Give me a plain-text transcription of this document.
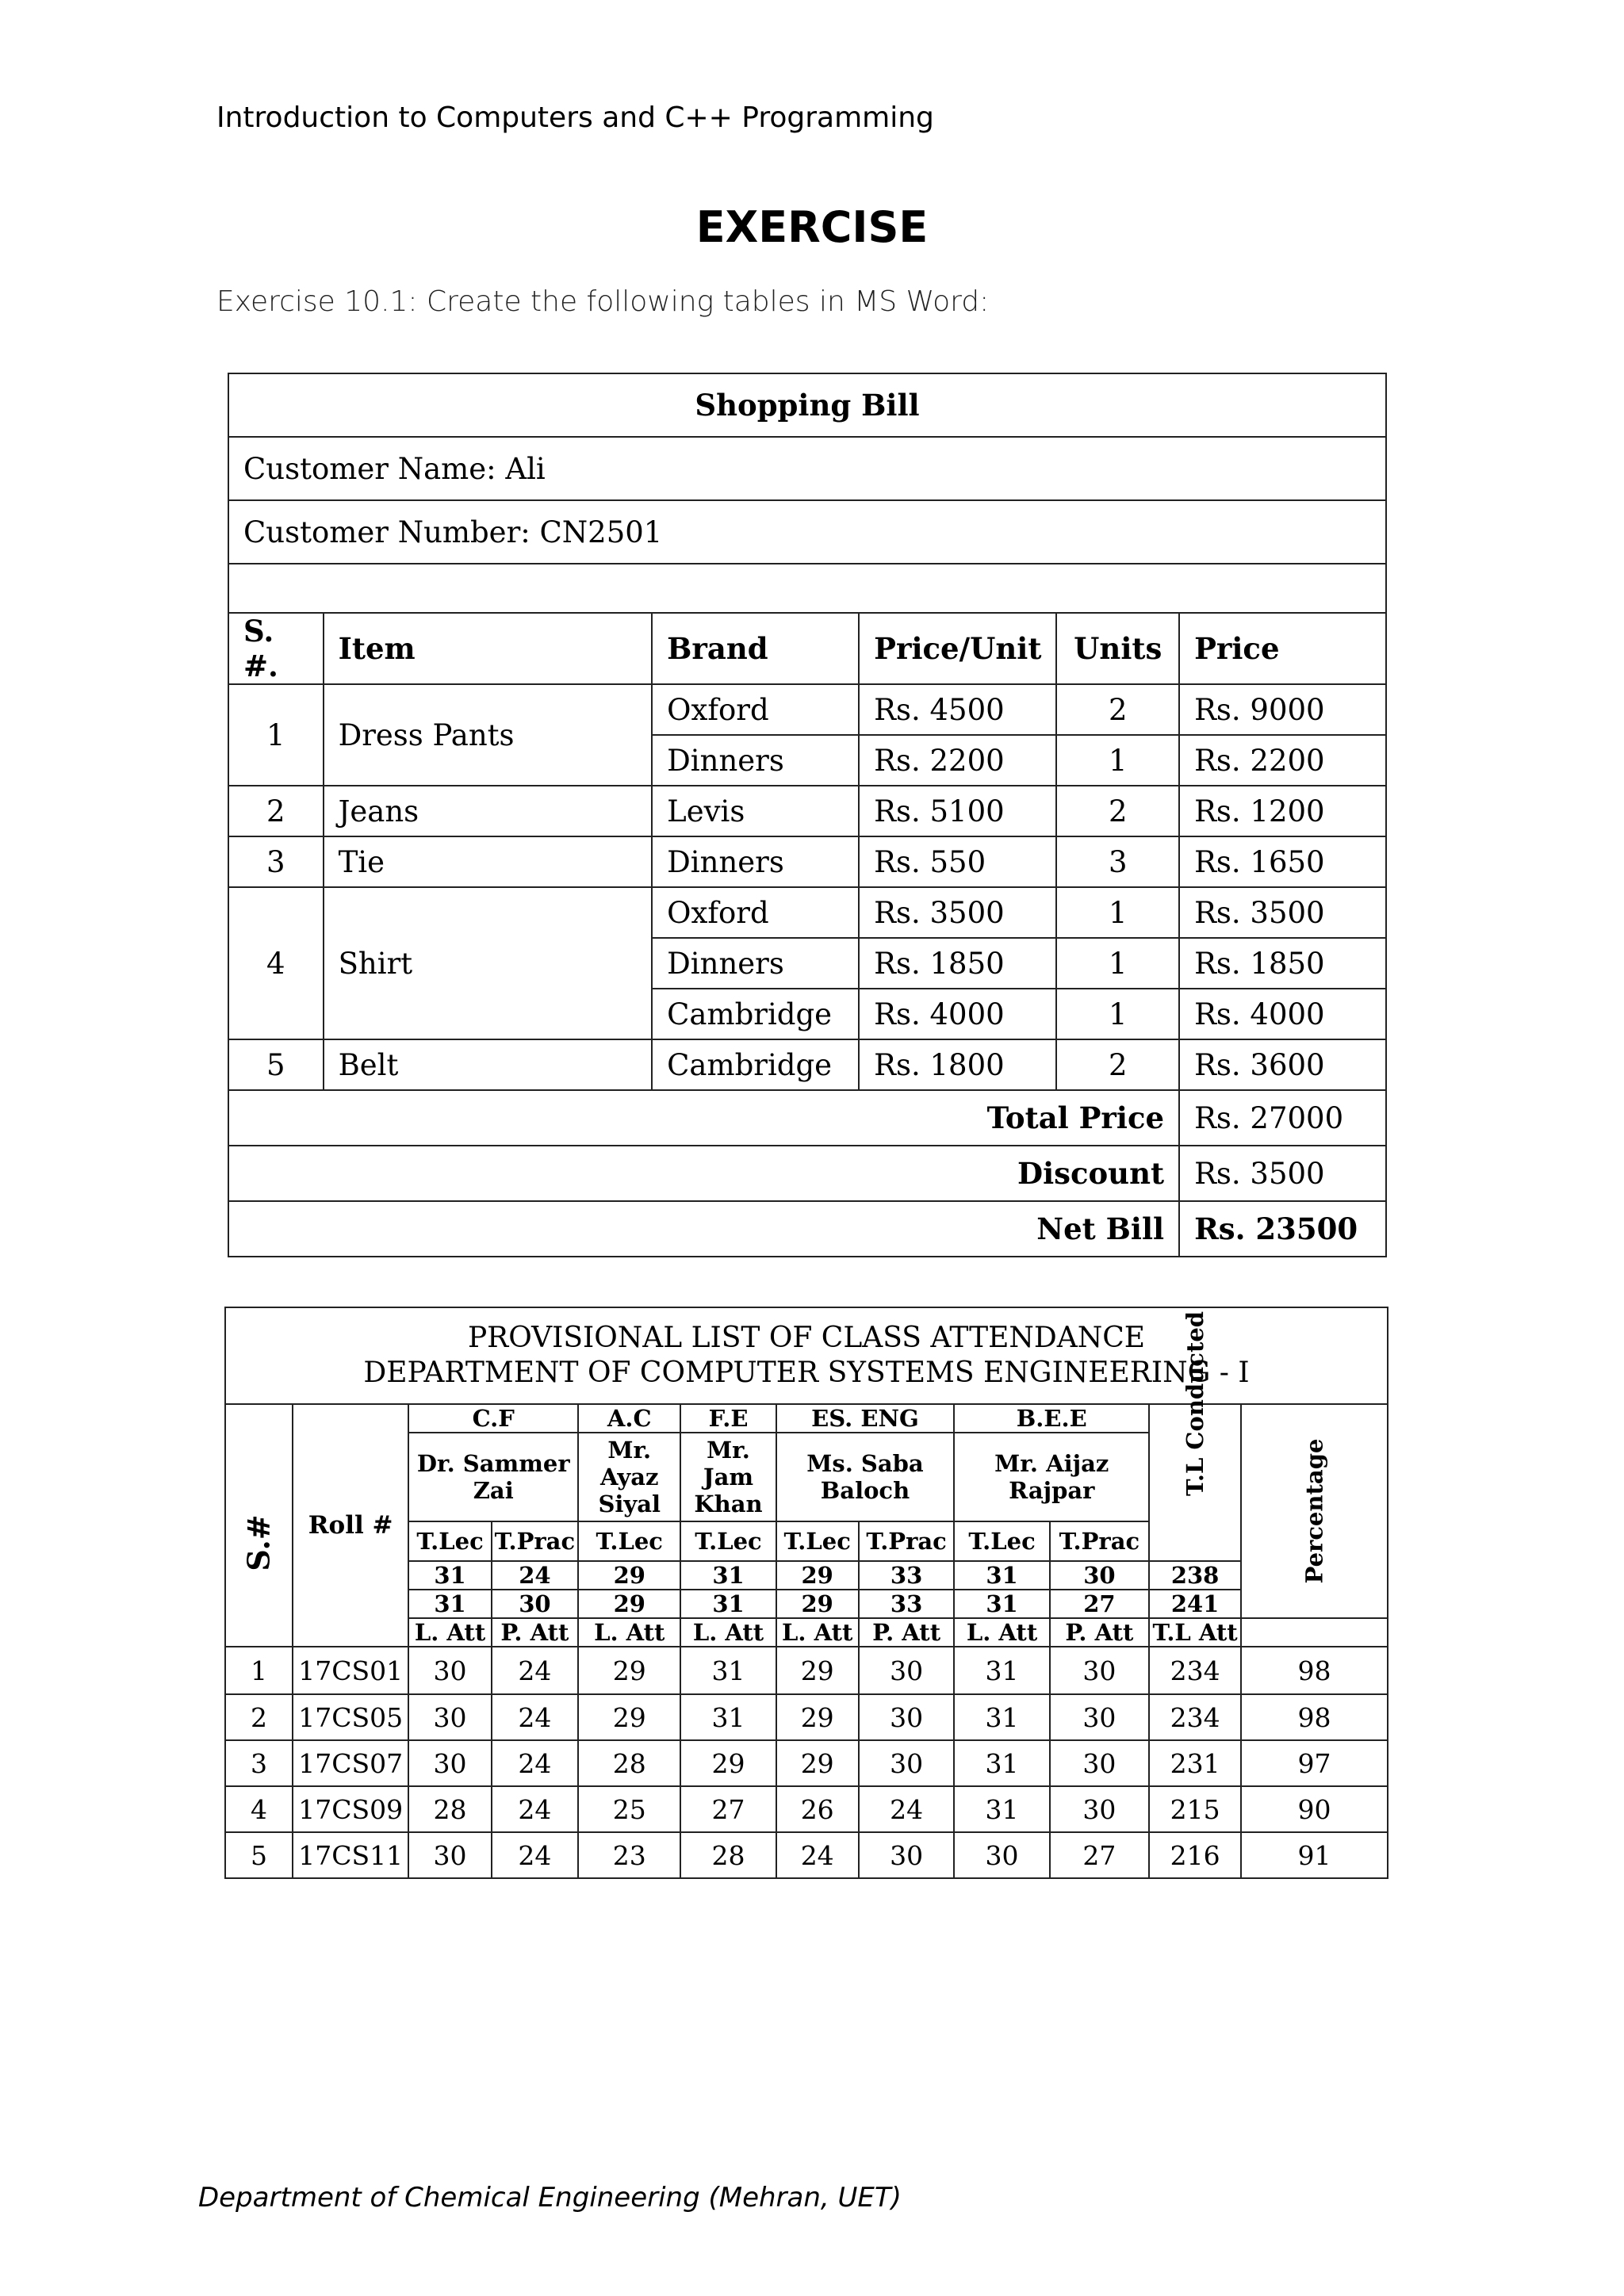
Introduction to Computers and C++ Programming
EXERCISE
Exercise 10.1: Create the following tables in MS Word:
Shopping Bill					
Customer Name: Ali					
Customer Number: CN2501					

S. #.	Item	Brand	Price/Unit	Units	Price
1	Dress Pants	Oxford	Rs. 4500	2	Rs. 9000
		Dinners	Rs. 2200	1	Rs. 2200
2	Jeans	Levis	Rs. 5100	2	Rs. 1200
3	Tie	Dinners	Rs. 550	3	Rs. 1650
4	Shirt	Oxford	Rs. 3500	1	Rs. 3500
		Dinners	Rs. 1850	1	Rs. 1850
		Cambridge	Rs. 4000	1	Rs. 4000
5	Belt	Cambridge	Rs. 1800	2	Rs. 3600
Total Price					Rs. 27000
Discount					Rs. 3500
Net Bill					Rs. 23500
PROVISIONAL LIST OF CLASS ATTENDANCE
DEPARTMENT OF COMPUTER SYSTEMS ENGINEERING - I											

S.#	Roll #	C.F		A.C	F.E	ES. ENG		B.E.E		T.L Conducted	Percentage
		Dr. Sammer Zai		Mr. Ayaz Siyal	Mr. Jam Khan	Ms. Saba Baloch		Mr. Aijaz Rajpar			
		T.Lec	T.Prac	T.Lec	T.Lec	T.Lec	T.Prac	T.Lec	T.Prac		
		31	24	29	31	29	33	31	30	238	
		31	30	29	31	29	33	31	27	241	
		L. Att	P. Att	L. Att	L. Att	L. Att	P. Att	L. Att	P. Att	T.L Att	
1	17CS01	30	24	29	31	29	30	31	30	234	98
2	17CS05	30	24	29	31	29	30	31	30	234	98
3	17CS07	30	24	28	29	29	30	31	30	231	97
4	17CS09	28	24	25	27	26	24	31	30	215	90
5	17CS11	30	24	23	28	24	30	30	27	216	91
Department of Chemical Engineering (Mehran, UET)
